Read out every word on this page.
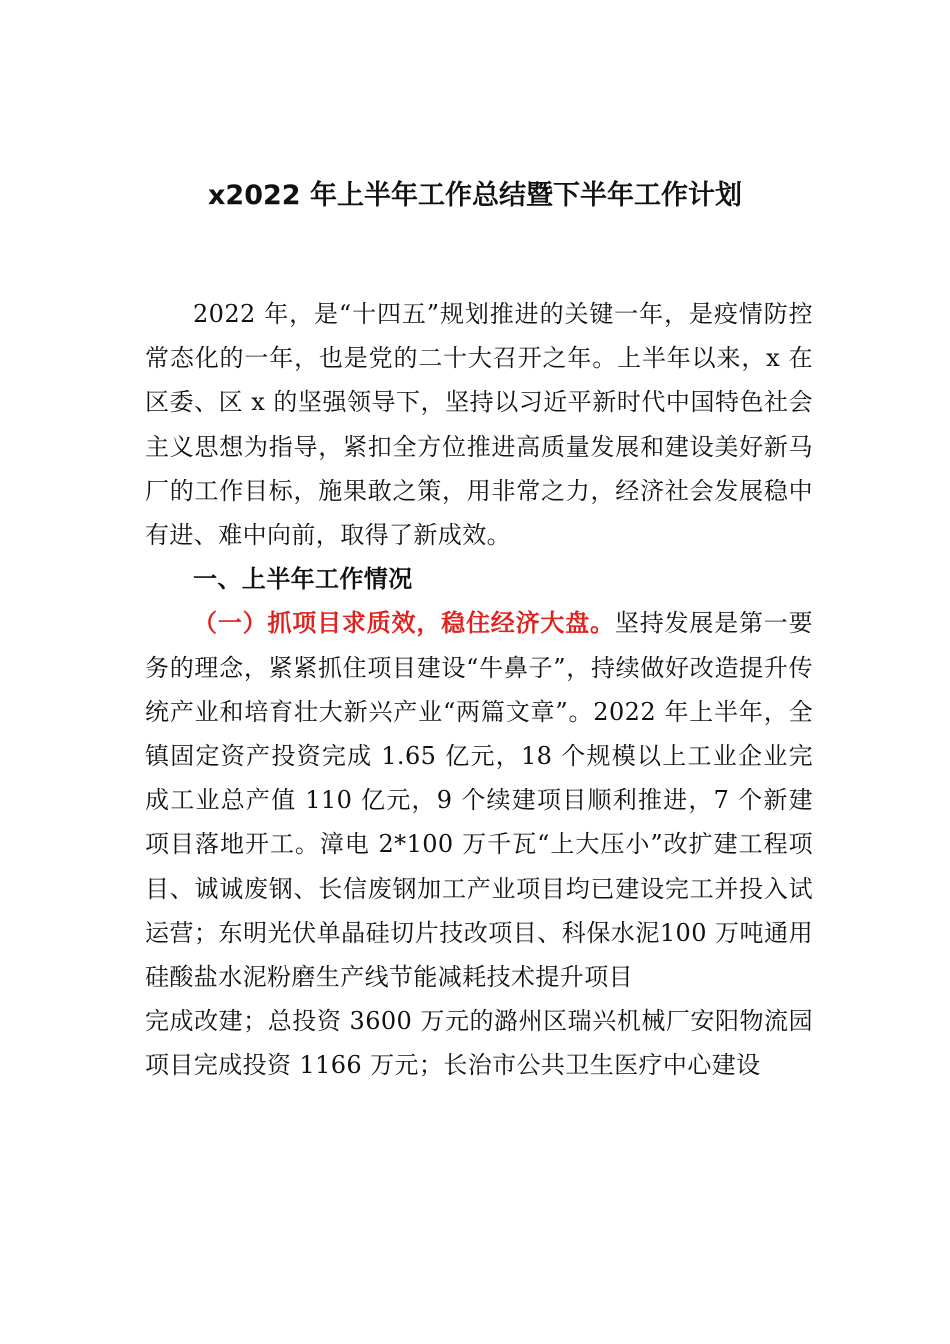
x2022 年上半年工作总结暨下半年工作计划

2022 年，是“十四五”规划推进的关键一年，是疫情防控常态化的一年，也是党的二十大召开之年。上半年以来，x 在区委、区 x 的坚强领导下，坚持以习近平新时代中国特色社会主义思想为指导，紧扣全方位推进高质量发展和建设美好新马厂的工作目标，施果敢之策，用非常之力，经济社会发展稳中有进、难中向前，取得了新成效。

一、上半年工作情况

（一）抓项目求质效，稳住经济大盘。坚持发展是第一要务的理念，紧紧抓住项目建设“牛鼻子”，持续做好改造提升传统产业和培育壮大新兴产业“两篇文章”。2022 年上半年，全镇固定资产投资完成 1.65 亿元，18 个规模以上工业企业完成工业总产值 110 亿元，9 个续建项目顺利推进，7 个新建项目落地开工。漳电 2*100 万千瓦“上大压小”改扩建工程项目、诚诚废钢、长信废钢加工产业项目均已建设完工并投入试运营；东明光伏单晶硅切片技改项目、科保水泥100 万吨通用硅酸盐水泥粉磨生产线节能减耗技术提升项目

完成改建；总投资 3600 万元的潞州区瑞兴机械厂安阳物流园项目完成投资 1166 万元；长治市公共卫生医疗中心建设
